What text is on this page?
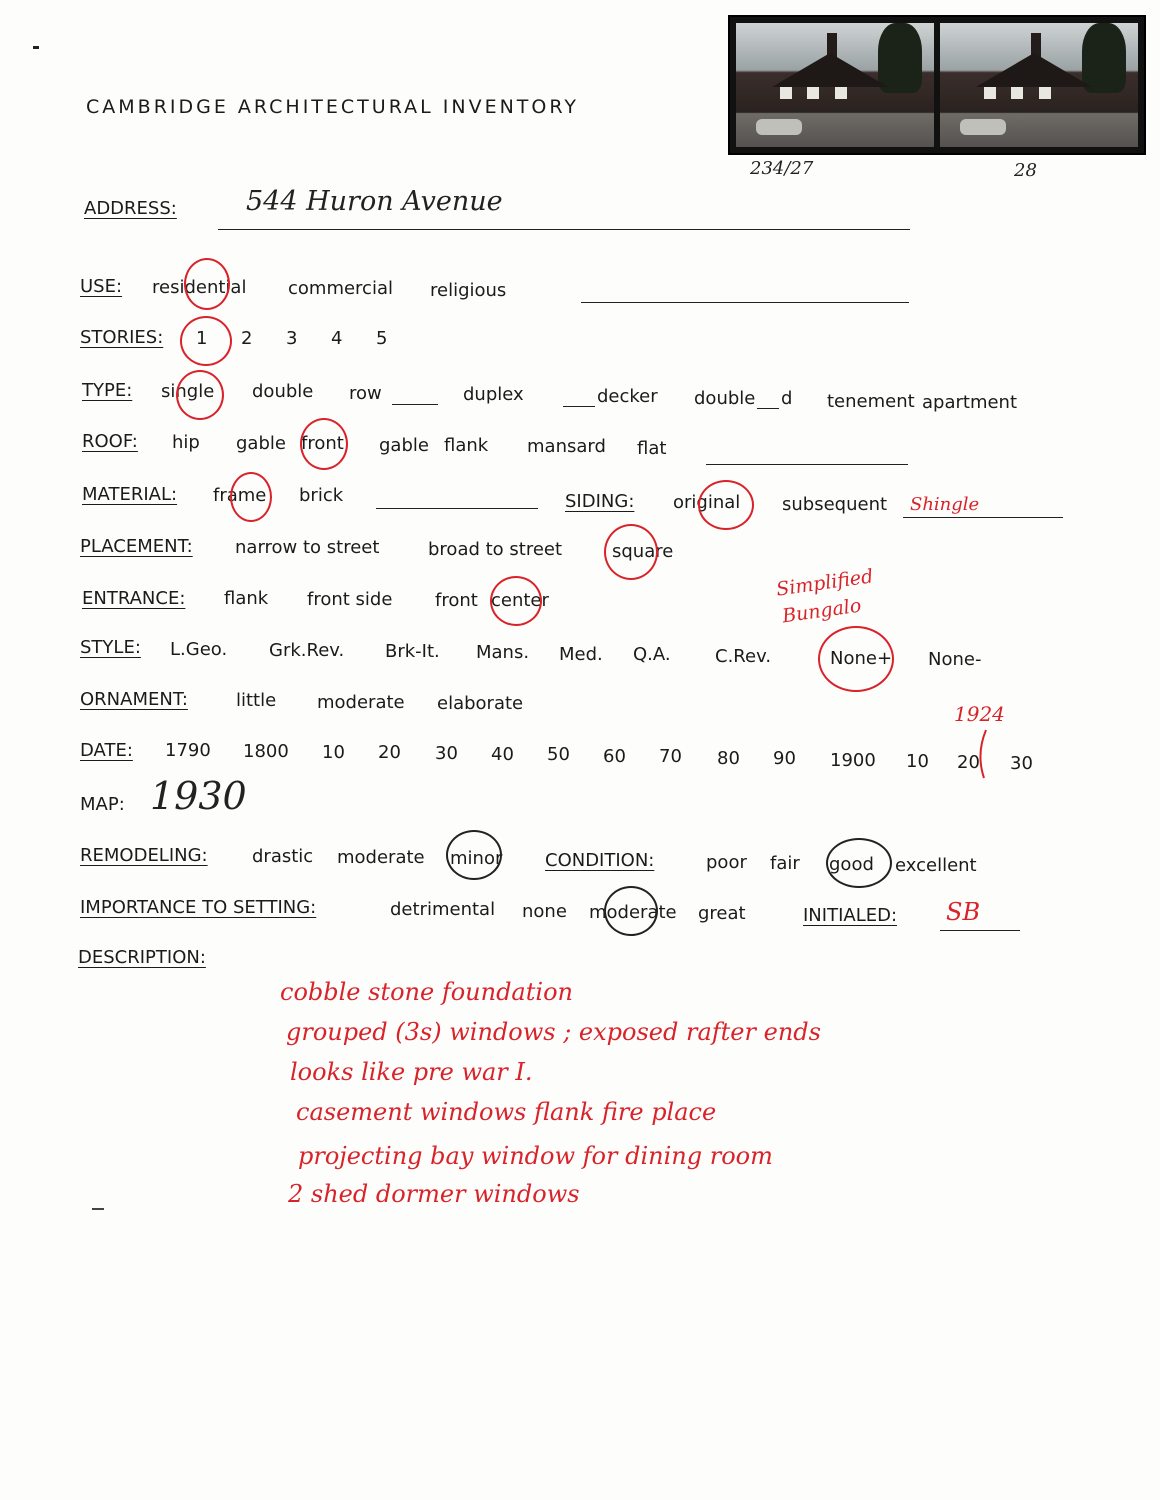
CAMBRIDGE ARCHITECTURAL INVENTORY
234/27	28
ADDRESS:	544 Huron Avenue
USE: residential commercial religious
STORIES: 1 2 3 4 5
TYPE: single double row	duplex	decker double d tenement apartment
ROOF: hip gable front gable flank mansard flat
MATERIAL: frame brick	SIDING: original subsequent Shingle
PLACEMENT: narrow to street	broad to street	square
ENTRANCE: flank front side front center	Simplified
Bungalo
STYLE: L.Geo. Grk.Rev. Brk-It. Mans. Med. Q.A. C.Rev.	None+ None-
ORNAMENT:	little moderate elaborate	1924
DATE: 1790 1800 10 20 30 40 50 60 70 80 90 1900 10 20 30
MAP: 1930
REMODELING: drastic moderate minor CONDITION:	poor fair good excellent
IMPORTANCE TO SETTING:	detrimental none moderate great	INITIALED: SB
DESCRIPTION:
cobble stone foundation
grouped (3s) windows ; exposed rafter ends
looks like pre war I.
casement windows flank fire place
projecting bay window for dining room
2 shed dormer windows
